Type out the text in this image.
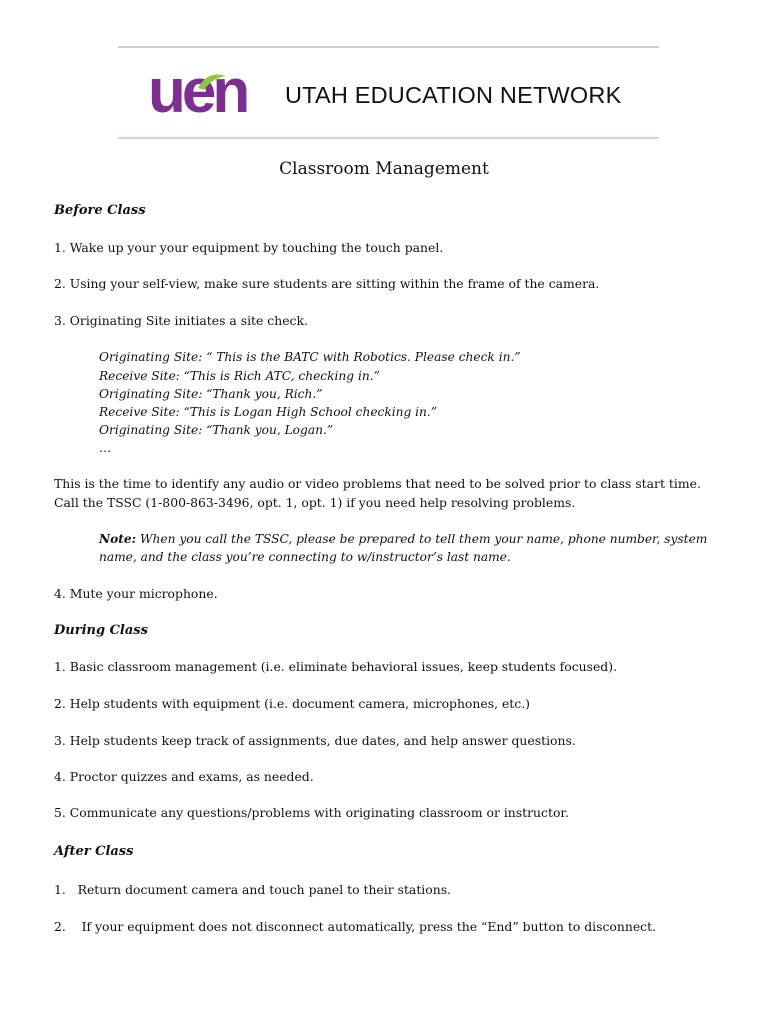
uen UTAH EDUCATION NETWORK
Classroom Management
Before Class
1. Wake up your your equipment by touching the touch panel.
2. Using your self-view, make sure students are sitting within the frame of the camera.
3. Originating Site initiates a site check.
Originating Site: “ This is the BATC with Robotics. Please check in.”
Receive Site: “This is Rich ATC, checking in.”
Originating Site: “Thank you, Rich.”
Receive Site: “This is Logan High School checking in.”
Originating Site: “Thank you, Logan.”
…
This is the time to identify any audio or video problems that need to be solved prior to class start time.
Call the TSSC (1-800-863-3496, opt. 1, opt. 1) if you need help resolving problems.
Note: When you call the TSSC, please be prepared to tell them your name, phone number, system
name, and the class you’re connecting to w/instructor’s last name.
4. Mute your microphone.
During Class
1. Basic classroom management (i.e. eliminate behavioral issues, keep students focused).
2. Help students with equipment (i.e. document camera, microphones, etc.)
3. Help students keep track of assignments, due dates, and help answer questions.
4. Proctor quizzes and exams, as needed.
5. Communicate any questions/problems with originating classroom or instructor.
After Class
1.   Return document camera and touch panel to their stations.
2.    If your equipment does not disconnect automatically, press the “End” button to disconnect.
